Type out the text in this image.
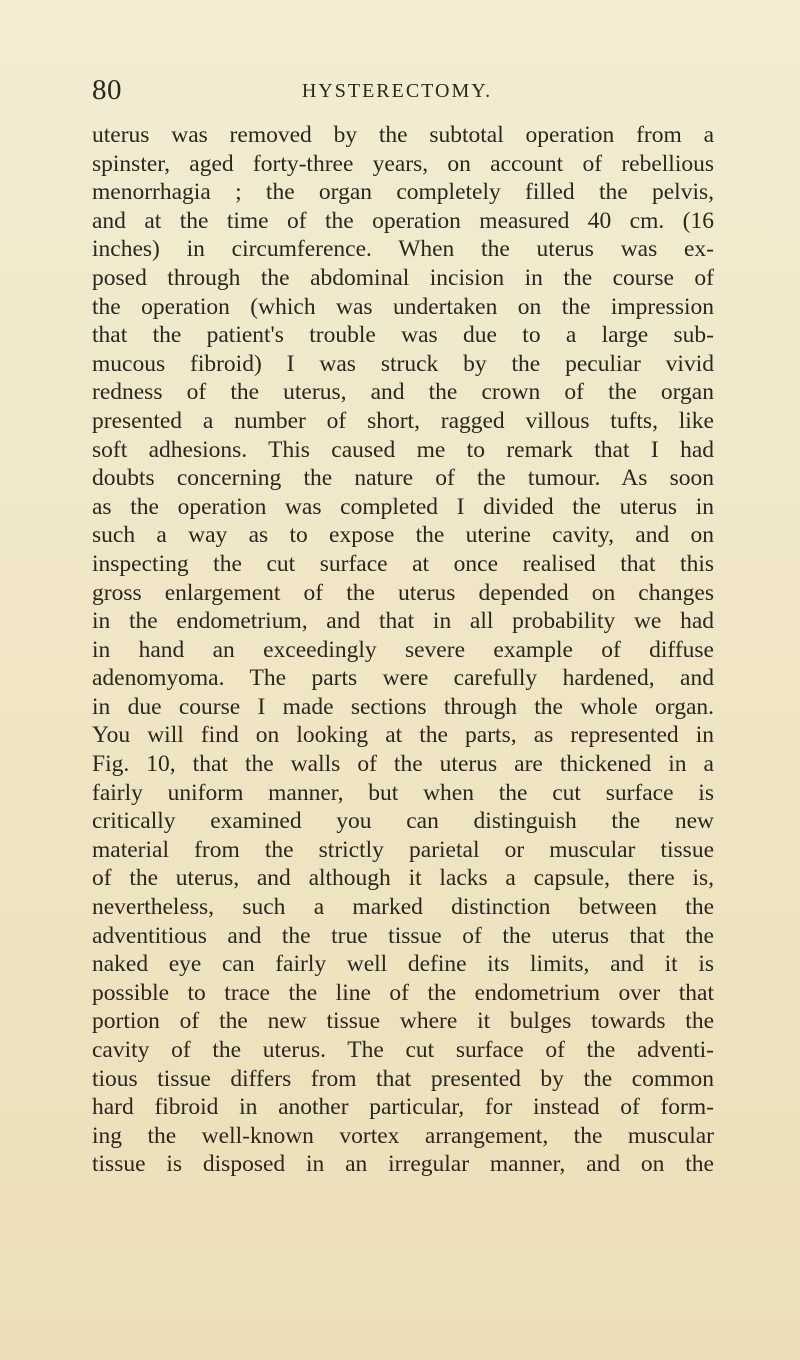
80	HYSTERECTOMY.
uterus was removed by the subtotal operation from a
spinster, aged forty-three years, on account of rebellious
menorrhagia ; the organ completely filled the pelvis,
and at the time of the operation measured 40 cm. (16
inches) in circumference. When the uterus was ex-
posed through the abdominal incision in the course of
the operation (which was undertaken on the impression
that the patient's trouble was due to a large sub-
mucous fibroid) I was struck by the peculiar vivid
redness of the uterus, and the crown of the organ
presented a number of short, ragged villous tufts, like
soft adhesions. This caused me to remark that I had
doubts concerning the nature of the tumour. As soon
as the operation was completed I divided the uterus in
such a way as to expose the uterine cavity, and on
inspecting the cut surface at once realised that this
gross enlargement of the uterus depended on changes
in the endometrium, and that in all probability we had
in hand an exceedingly severe example of diffuse
adenomyoma. The parts were carefully hardened, and
in due course I made sections through the whole organ.
You will find on looking at the parts, as represented in
Fig. 10, that the walls of the uterus are thickened in a
fairly uniform manner, but when the cut surface is
critically examined you can distinguish the new
material from the strictly parietal or muscular tissue
of the uterus, and although it lacks a capsule, there is,
nevertheless, such a marked distinction between the
adventitious and the true tissue of the uterus that the
naked eye can fairly well define its limits, and it is
possible to trace the line of the endometrium over that
portion of the new tissue where it bulges towards the
cavity of the uterus. The cut surface of the adventi-
tious tissue differs from that presented by the common
hard fibroid in another particular, for instead of form-
ing the well-known vortex arrangement, the muscular
tissue is disposed in an irregular manner, and on the
